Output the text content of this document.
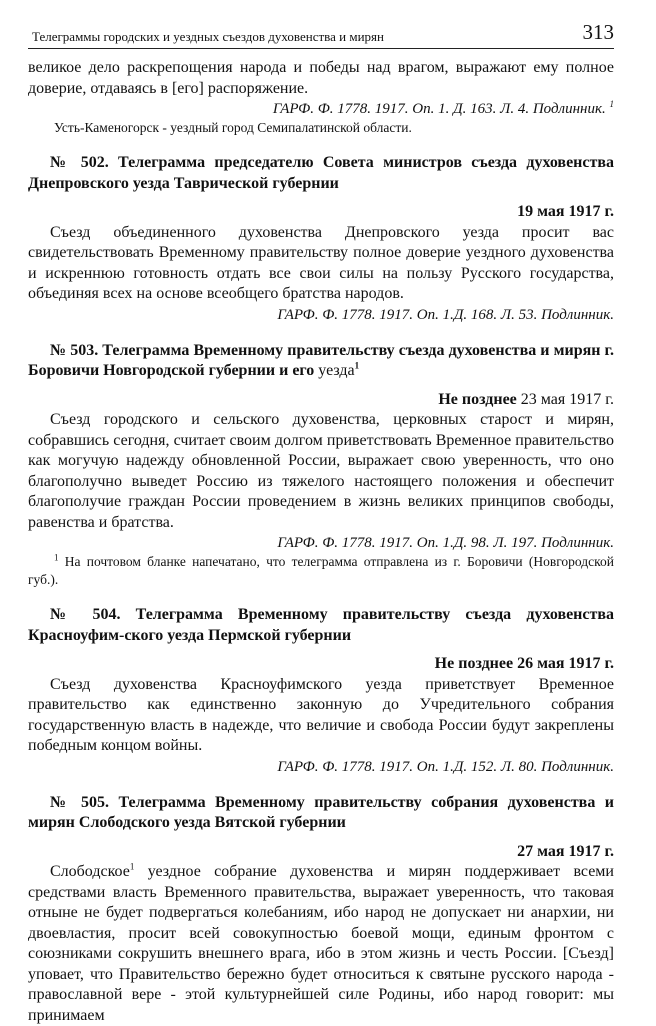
Телеграммы городских и уездных съездов духовенства и мирян	313

великое дело раскрепощения народа и победы над врагом, выражают ему полное доверие, отдаваясь в [его] распоряжение.

ГАРФ. Ф. 1778. 1917. Оп. 1. Д. 163. Л. 4. Подлинник. $^1$

Усть-Каменогорск - уездный город Семипалатинской области.

№ 502. Телеграмма председателю Совета министров съезда духовенства Днепровского уезда Таврической губернии

19 мая 1917 г.

Съезд объединенного духовенства Днепровского уезда просит вас свидетельствовать Временному правительству полное доверие уездного духовенства и искреннюю готовность отдать все свои силы на пользу Русского государства, объединяя всех на основе всеобщего братства народов.

ГАРФ. Ф. 1778. 1917. Оп. 1.Д. 168. Л. 53. Подлинник.

№ 503. Телеграмма Временному правительству съезда духовенства и мирян г. Боровичи Новгородской губернии и его уезда$^1$

Не позднее 23 мая 1917 г.

Съезд городского и сельского духовенства, церковных старост и мирян, собравшись сегодня, считает своим долгом приветствовать Временное правительство как могучую надежду обновленной России, выражает свою уверенность, что оно благополучно выведет Россию из тяжелого настоящего положения и обеспечит благополучие граждан России проведением в жизнь великих принципов свободы, равенства и братства.

ГАРФ. Ф. 1778. 1917. Оп. 1.Д. 98. Л. 197. Подлинник.

$^1$ На почтовом бланке напечатано, что телеграмма отправлена из г. Боровичи (Новгородской губ.).

№ 504. Телеграмма Временному правительству съезда духовенства

Красноуфим-ского уезда Пермской губернии

Не позднее 26 мая 1917 г.

Съезд духовенства Красноуфимского уезда приветствует Временное правительство как единственно законную до Учредительного собрания государственную власть в надежде, что величие и свобода России будут закреплены победным концом войны.

ГАРФ. Ф. 1778. 1917. Оп. 1.Д. 152. Л. 80. Подлинник.

№ 505. Телеграмма Временному правительству собрания духовенства и мирян Слободского уезда Вятской губернии

27 мая 1917 г.

Слободское$^1$ уездное собрание духовенства и мирян поддерживает всеми средствами власть Временного правительства, выражает уверенность, что таковая отныне не будет подвергаться колебаниям, ибо народ не допускает ни анархии, ни двоевластия, просит всей совокупностью боевой мощи, единым фронтом с союзниками сокрушить внешнего врага, ибо в этом жизнь и честь России. [Съезд] уповает, что Правительство бережно будет относиться к святыне русского народа - православной вере - этой культурнейшей силе Родины, ибо народ говорит: мы принимаем
